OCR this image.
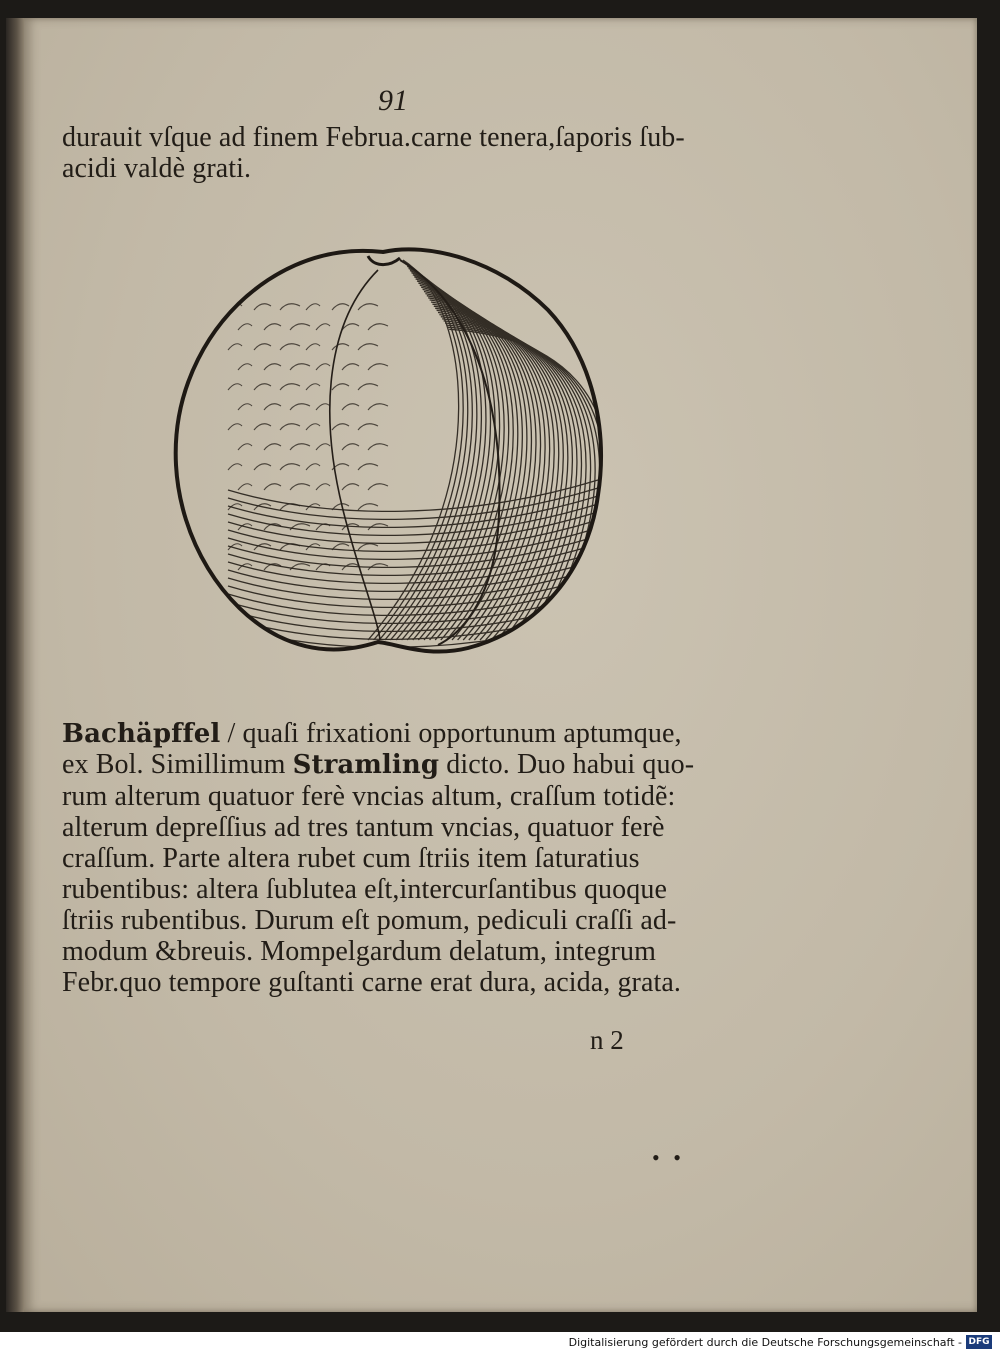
91
durauit vſque ad finem Februa.carne tenera,ſaporis ſub-
acidi valdè grati.
Bachäpffel / quaſi frixationi opportunum aptumque,
ex Bol. Simillimum Stramling dicto. Duo habui quo-
rum alterum quatuor ferè vncias altum, craſſum totidẽ:
alterum depreſſius ad tres tantum vncias, quatuor ferè
craſſum. Parte altera rubet cum ſtriis item ſaturatius
rubentibus: altera ſublutea eſt,intercurſantibus quoque
ſtriis rubentibus. Durum eſt pomum, pediculi craſſi ad-
modum &breuis. Mompelgardum delatum, integrum
Febr.quo tempore guſtanti carne erat dura, acida, grata.
n 2
• •
Digitalisierung gefördert durch die Deutsche Forschungsgemeinschaft - DFG
